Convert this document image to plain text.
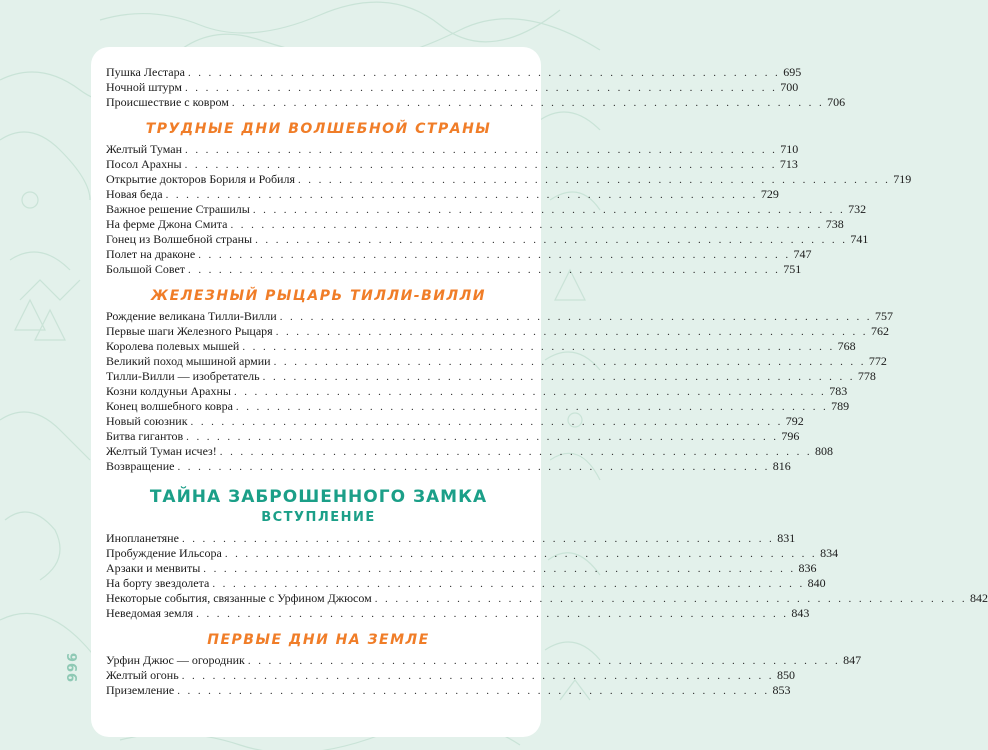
996
Пушка Лестара . . . . . . . . . . . . . . . . . . . . . . . . . . . . . . . . . . . . . . . . . . . . . . . . . . . . . . . . . . 695
Ночной штурм . . . . . . . . . . . . . . . . . . . . . . . . . . . . . . . . . . . . . . . . . . . . . . . . . . . . . . . . . . 700
Происшествие с ковром . . . . . . . . . . . . . . . . . . . . . . . . . . . . . . . . . . . . . . . . . . . . . . . . . . . . . . . . . . 706
ТРУДНЫЕ ДНИ ВОЛШЕБНОЙ СТРАНЫ
Желтый Туман . . . . . . . . . . . . . . . . . . . . . . . . . . . . . . . . . . . . . . . . . . . . . . . . . . . . . . . . . . 710
Посол Арахны . . . . . . . . . . . . . . . . . . . . . . . . . . . . . . . . . . . . . . . . . . . . . . . . . . . . . . . . . . 713
Открытие докторов Бориля и Робиля . . . . . . . . . . . . . . . . . . . . . . . . . . . . . . . . . . . . . . . . . . . . . . . . . . . . . . . . . . 719
Новая беда . . . . . . . . . . . . . . . . . . . . . . . . . . . . . . . . . . . . . . . . . . . . . . . . . . . . . . . . . . 729
Важное решение Страшилы . . . . . . . . . . . . . . . . . . . . . . . . . . . . . . . . . . . . . . . . . . . . . . . . . . . . . . . . . . 732
На ферме Джона Смита . . . . . . . . . . . . . . . . . . . . . . . . . . . . . . . . . . . . . . . . . . . . . . . . . . . . . . . . . . 738
Гонец из Волшебной страны . . . . . . . . . . . . . . . . . . . . . . . . . . . . . . . . . . . . . . . . . . . . . . . . . . . . . . . . . . 741
Полет на драконе . . . . . . . . . . . . . . . . . . . . . . . . . . . . . . . . . . . . . . . . . . . . . . . . . . . . . . . . . . 747
Большой Совет . . . . . . . . . . . . . . . . . . . . . . . . . . . . . . . . . . . . . . . . . . . . . . . . . . . . . . . . . . 751
ЖЕЛЕЗНЫЙ РЫЦАРЬ ТИЛЛИ-ВИЛЛИ
Рождение великана Тилли-Вилли . . . . . . . . . . . . . . . . . . . . . . . . . . . . . . . . . . . . . . . . . . . . . . . . . . . . . . . . . . 757
Первые шаги Железного Рыцаря . . . . . . . . . . . . . . . . . . . . . . . . . . . . . . . . . . . . . . . . . . . . . . . . . . . . . . . . . . 762
Королева полевых мышей . . . . . . . . . . . . . . . . . . . . . . . . . . . . . . . . . . . . . . . . . . . . . . . . . . . . . . . . . . 768
Великий поход мышиной армии . . . . . . . . . . . . . . . . . . . . . . . . . . . . . . . . . . . . . . . . . . . . . . . . . . . . . . . . . . 772
Тилли-Вилли — изобретатель . . . . . . . . . . . . . . . . . . . . . . . . . . . . . . . . . . . . . . . . . . . . . . . . . . . . . . . . . . 778
Козни колдуньи Арахны . . . . . . . . . . . . . . . . . . . . . . . . . . . . . . . . . . . . . . . . . . . . . . . . . . . . . . . . . . 783
Конец волшебного ковра . . . . . . . . . . . . . . . . . . . . . . . . . . . . . . . . . . . . . . . . . . . . . . . . . . . . . . . . . . 789
Новый союзник . . . . . . . . . . . . . . . . . . . . . . . . . . . . . . . . . . . . . . . . . . . . . . . . . . . . . . . . . . 792
Битва гигантов . . . . . . . . . . . . . . . . . . . . . . . . . . . . . . . . . . . . . . . . . . . . . . . . . . . . . . . . . . 796
Желтый Туман исчез! . . . . . . . . . . . . . . . . . . . . . . . . . . . . . . . . . . . . . . . . . . . . . . . . . . . . . . . . . . 808
Возвращение . . . . . . . . . . . . . . . . . . . . . . . . . . . . . . . . . . . . . . . . . . . . . . . . . . . . . . . . . . 816
ТАЙНА ЗАБРОШЕННОГО ЗАМКА
ВСТУПЛЕНИЕ
Инопланетяне . . . . . . . . . . . . . . . . . . . . . . . . . . . . . . . . . . . . . . . . . . . . . . . . . . . . . . . . . . 831
Пробуждение Ильсора . . . . . . . . . . . . . . . . . . . . . . . . . . . . . . . . . . . . . . . . . . . . . . . . . . . . . . . . . . 834
Арзаки и менвиты . . . . . . . . . . . . . . . . . . . . . . . . . . . . . . . . . . . . . . . . . . . . . . . . . . . . . . . . . . 836
На борту звездолета . . . . . . . . . . . . . . . . . . . . . . . . . . . . . . . . . . . . . . . . . . . . . . . . . . . . . . . . . . 840
Некоторые события, связанные с Урфином Джюсом . . . . . . . . . . . . . . . . . . . . . . . . . . . . . . . . . . . . . . . . . . . . . . . . . . . . . . . . . . 842
Неведомая земля . . . . . . . . . . . . . . . . . . . . . . . . . . . . . . . . . . . . . . . . . . . . . . . . . . . . . . . . . . 843
ПЕРВЫЕ ДНИ НА ЗЕМЛЕ
Урфин Джюс — огородник . . . . . . . . . . . . . . . . . . . . . . . . . . . . . . . . . . . . . . . . . . . . . . . . . . . . . . . . . . 847
Желтый огонь . . . . . . . . . . . . . . . . . . . . . . . . . . . . . . . . . . . . . . . . . . . . . . . . . . . . . . . . . . 850
Приземление . . . . . . . . . . . . . . . . . . . . . . . . . . . . . . . . . . . . . . . . . . . . . . . . . . . . . . . . . . 853
